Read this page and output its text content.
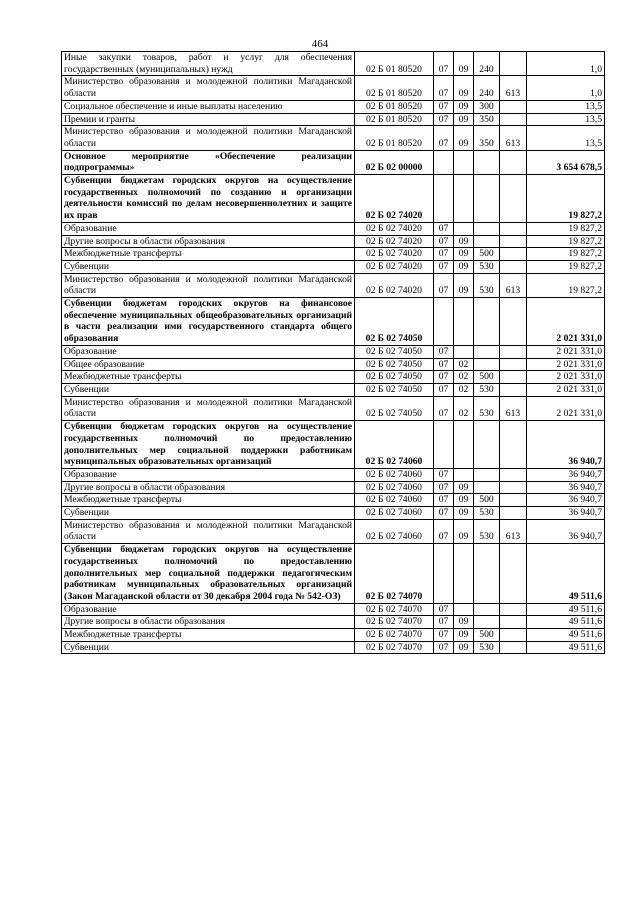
464
Иные закупки товаров, работ и услуг для обеспечения государственных (муниципальных) нужд	02 Б 01 80520	07	09	240		1,0
Министерство образования и молодежной политики Магаданской области	02 Б 01 80520	07	09	240	613	1,0
Социальное обеспечение и иные выплаты населению	02 Б 01 80520	07	09	300		13,5
Премии и гранты	02 Б 01 80520	07	09	350		13,5
Министерство образования и молодежной политики Магаданской области	02 Б 01 80520	07	09	350	613	13,5
Основное мероприятие «Обеспечение реализации подпрограммы»	02 Б 02 00000					3 654 678,5
Субвенции бюджетам городских округов на осуществление государственных полномочий по созданию и организации деятельности комиссий по делам несовершеннолетних и защите их прав	02 Б 02 74020					19 827,2
Образование	02 Б 02 74020	07				19 827,2
Другие вопросы в области образования	02 Б 02 74020	07	09			19 827,2
Межбюджетные трансферты	02 Б 02 74020	07	09	500		19 827,2
Субвенции	02 Б 02 74020	07	09	530		19 827,2
Министерство образования и молодежной политики Магаданской области	02 Б 02 74020	07	09	530	613	19 827,2
Субвенции бюджетам городских округов на финансовое обеспечение муниципальных общеобразовательных организаций в части реализации ими государственного стандарта общего образования	02 Б 02 74050					2 021 331,0
Образование	02 Б 02 74050	07				2 021 331,0
Общее образование	02 Б 02 74050	07	02			2 021 331,0
Межбюджетные трансферты	02 Б 02 74050	07	02	500		2 021 331,0
Субвенции	02 Б 02 74050	07	02	530		2 021 331,0
Министерство образования и молодежной политики Магаданской области	02 Б 02 74050	07	02	530	613	2 021 331,0
Субвенции бюджетам городских округов на осуществление государственных полномочий по предоставлению дополнительных мер социальной поддержки работникам муниципальных образовательных организаций	02 Б 02 74060					36 940,7
Образование	02 Б 02 74060	07				36 940,7
Другие вопросы в области образования	02 Б 02 74060	07	09			36 940,7
Межбюджетные трансферты	02 Б 02 74060	07	09	500		36 940,7
Субвенции	02 Б 02 74060	07	09	530		36 940,7
Министерство образования и молодежной политики Магаданской области	02 Б 02 74060	07	09	530	613	36 940,7
Субвенции бюджетам городских округов на осуществление государственных полномочий по предоставлению дополнительных мер социальной поддержки педагогическим работникам муниципальных образовательных организаций (Закон Магаданской области от 30 декабря 2004 года № 542-ОЗ)	02 Б 02 74070					49 511,6
Образование	02 Б 02 74070	07				49 511,6
Другие вопросы в области образования	02 Б 02 74070	07	09			49 511,6
Межбюджетные трансферты	02 Б 02 74070	07	09	500		49 511,6
Субвенции	02 Б 02 74070	07	09	530		49 511,6
